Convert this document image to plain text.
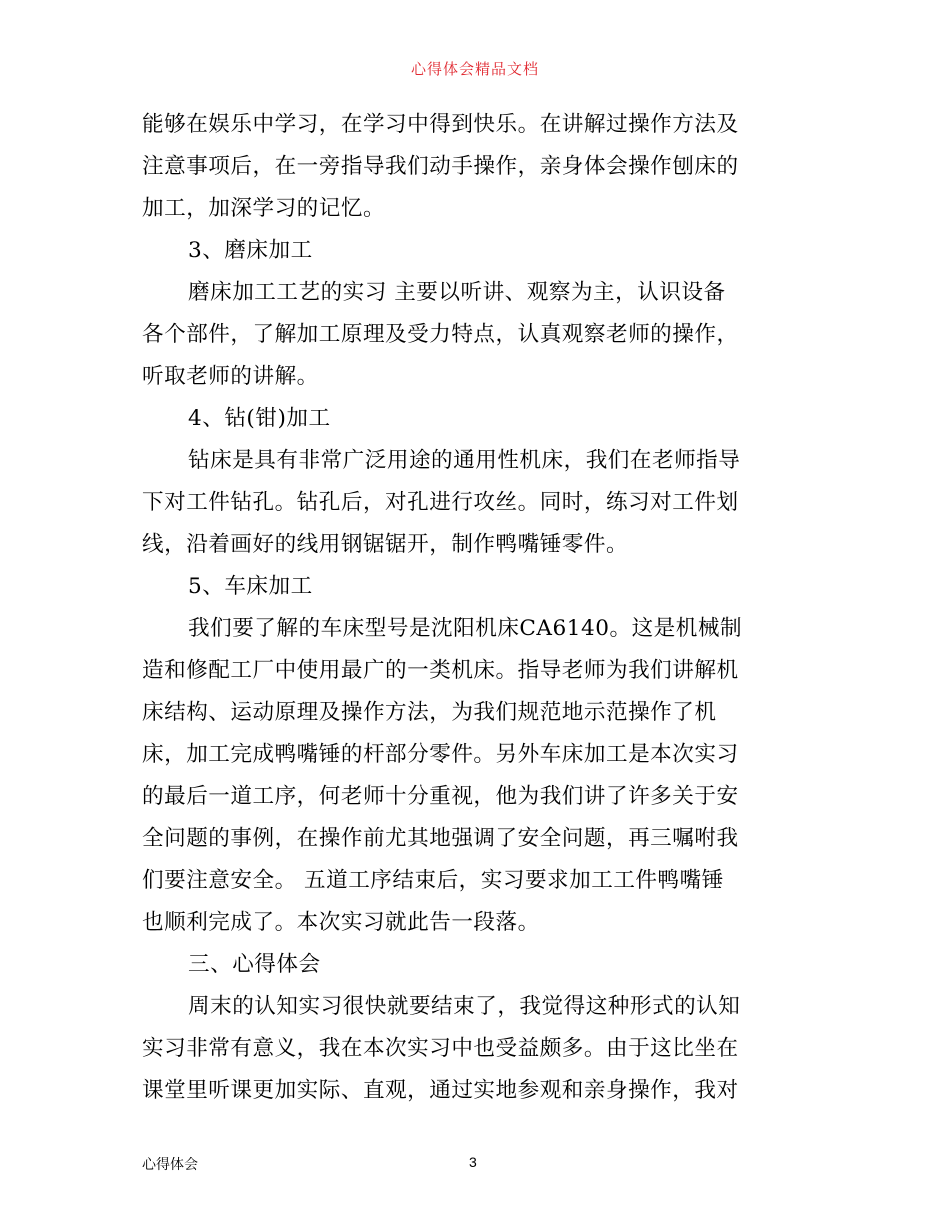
心得体会精品文档
能够在娱乐中学习，在学习中得到快乐。在讲解过操作方法及
注意事项后，在一旁指导我们动手操作，亲身体会操作刨床的
加工，加深学习的记忆。
3、磨床加工
磨床加工工艺的实习 主要以听讲、观察为主，认识设备
各个部件，了解加工原理及受力特点，认真观察老师的操作，
听取老师的讲解。
4、钻(钳)加工
钻床是具有非常广泛用途的通用性机床，我们在老师指导
下对工件钻孔。钻孔后，对孔进行攻丝。同时，练习对工件划
线，沿着画好的线用钢锯锯开，制作鸭嘴锤零件。
5、车床加工
我们要了解的车床型号是沈阳机床CA6140。这是机械制
造和修配工厂中使用最广的一类机床。指导老师为我们讲解机
床结构、运动原理及操作方法，为我们规范地示范操作了机
床，加工完成鸭嘴锤的杆部分零件。另外车床加工是本次实习
的最后一道工序，何老师十分重视，他为我们讲了许多关于安
全问题的事例，在操作前尤其地强调了安全问题，再三嘱咐我
们要注意安全。 五道工序结束后，实习要求加工工件鸭嘴锤
也顺利完成了。本次实习就此告一段落。
三、心得体会
周末的认知实习很快就要结束了，我觉得这种形式的认知
实习非常有意义，我在本次实习中也受益颇多。由于这比坐在
课堂里听课更加实际、直观，通过实地参观和亲身操作，我对
心得体会	3
